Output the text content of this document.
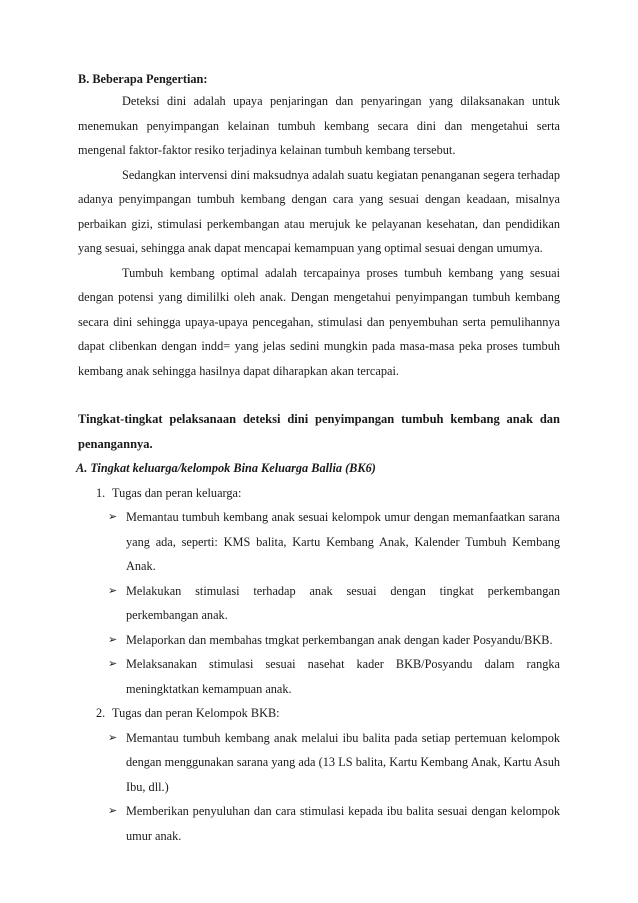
B. Beberapa Pengertian:

Deteksi dini adalah upaya penjaringan dan penyaringan yang dilaksanakan untuk menemukan penyimpangan kelainan tumbuh kembang secara dini dan mengetahui serta mengenal faktor-faktor resiko terjadinya kelainan tumbuh kembang tersebut.

Sedangkan intervensi dini maksudnya adalah suatu kegiatan penanganan segera terhadap adanya penyimpangan tumbuh kembang dengan cara yang sesuai dengan keadaan, misalnya perbaikan gizi, stimulasi perkembangan atau merujuk ke pelayanan kesehatan, dan pendidikan yang sesuai, sehingga anak dapat mencapai kemampuan yang optimal sesuai dengan umumya.

Tumbuh kembang optimal adalah tercapainya proses tumbuh kembang yang sesuai dengan potensi yang dimililki oleh anak. Dengan mengetahui penyimpangan tumbuh kembang secara dini sehingga upaya-upaya pencegahan, stimulasi dan penyembuhan serta pemulihannya dapat clibenkan dengan indd= yang jelas sedini mungkin pada masa-masa peka proses tumbuh kembang anak sehingga hasilnya dapat diharapkan akan tercapai.

Tingkat-tingkat pelaksanaan deteksi dini penyimpangan tumbuh kembang anak dan penangannya.

A. Tingkat keluarga/kelompok Bina Keluarga Ballia (BK6)

1. Tugas dan peran keluarga:
➢ Memantau tumbuh kembang anak sesuai kelompok umur dengan memanfaatkan sarana yang ada, seperti: KMS balita, Kartu Kembang Anak, Kalender Tumbuh Kembang Anak.
➢ Melakukan stimulasi terhadap anak sesuai dengan tingkat perkembangan perkembangan anak.
➢ Melaporkan dan membahas tmgkat perkembangan anak dengan kader Posyandu/BKB.
➢ Melaksanakan stimulasi sesuai nasehat kader BKB/Posyandu dalam rangka meningktatkan kemampuan anak.
2. Tugas dan peran Kelompok BKB:
➢ Memantau tumbuh kembang anak melalui ibu balita pada setiap pertemuan kelompok dengan menggunakan sarana yang ada (13 LS balita, Kartu Kembang Anak, Kartu Asuh Ibu, dll.)
➢ Memberikan penyuluhan dan cara stimulasi kepada ibu balita sesuai dengan kelompok umur anak.
